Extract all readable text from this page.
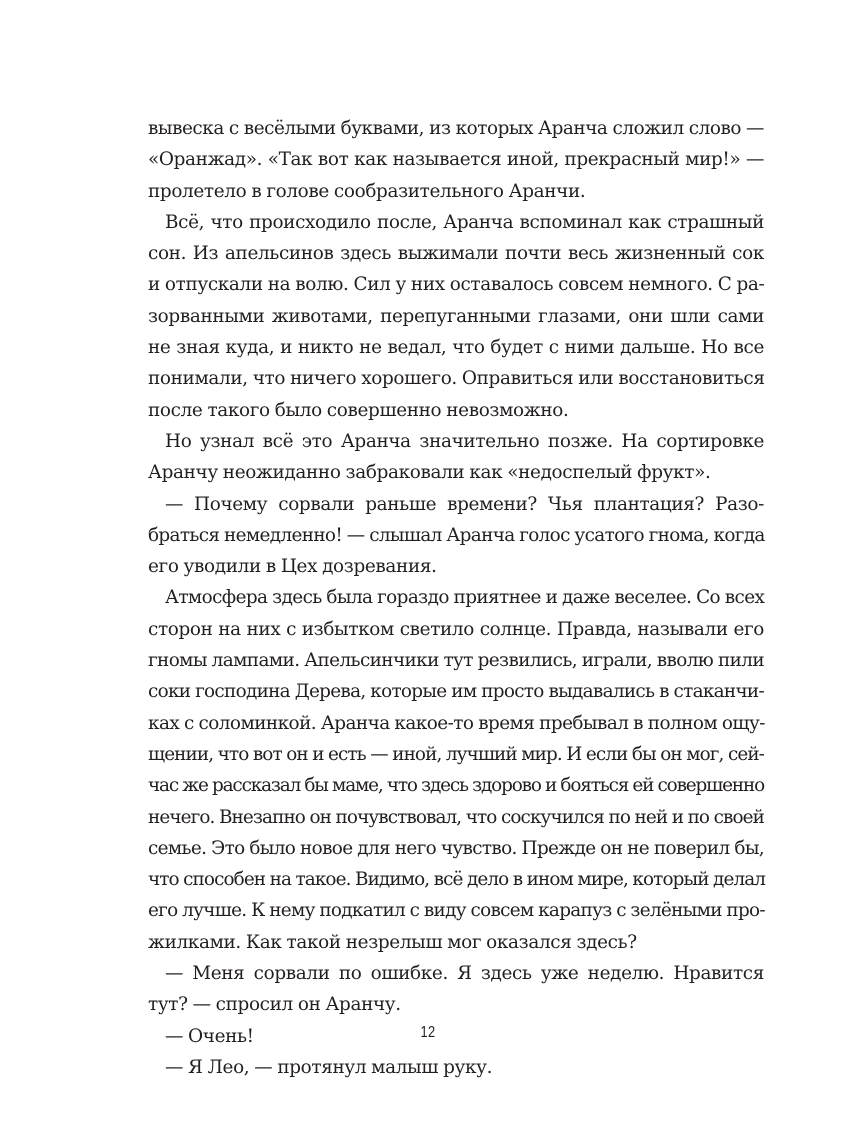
вывеска с весёлыми буквами, из которых Аранча сложил слово —
«Оранжад». «Так вот как называется иной, прекрасный мир!» —
пролетело в голове сообразительного Аранчи.
Всё, что происходило после, Аранча вспоминал как страшный
сон. Из апельсинов здесь выжимали почти весь жизненный сок
и отпускали на волю. Сил у них оставалось совсем немного. С ра-
зорванными животами, перепуганными глазами, они шли сами
не зная куда, и никто не ведал, что будет с ними дальше. Но все
понимали, что ничего хорошего. Оправиться или восстановиться
после такого было совершенно невозможно.
Но узнал всё это Аранча значительно позже. На сортировке
Аранчу неожиданно забраковали как «недоспелый фрукт».
— Почему сорвали раньше времени? Чья плантация? Разо-
браться немедленно! — слышал Аранча голос усатого гнома, когда
его уводили в Цех дозревания.
Атмосфера здесь была гораздо приятнее и даже веселее. Со всех
сторон на них с избытком светило солнце. Правда, называли его
гномы лампами. Апельсинчики тут резвились, играли, вволю пили
соки господина Дерева, которые им просто выдавались в стаканчи-
ках с соломинкой. Аранча какое-то время пребывал в полном ощу-
щении, что вот он и есть — иной, лучший мир. И если бы он мог, сей-
час же рассказал бы маме, что здесь здорово и бояться ей совершенно
нечего. Внезапно он почувствовал, что соскучился по ней и по своей
семье. Это было новое для него чувство. Прежде он не поверил бы,
что способен на такое. Видимо, всё дело в ином мире, который делал
его лучше. К нему подкатил с виду совсем карапуз с зелёными про-
жилками. Как такой незрелыш мог оказался здесь?
— Меня сорвали по ошибке. Я здесь уже неделю. Нравится
тут? — спросил он Аранчу.
— Очень!
— Я Лео, — протянул малыш руку.
12
